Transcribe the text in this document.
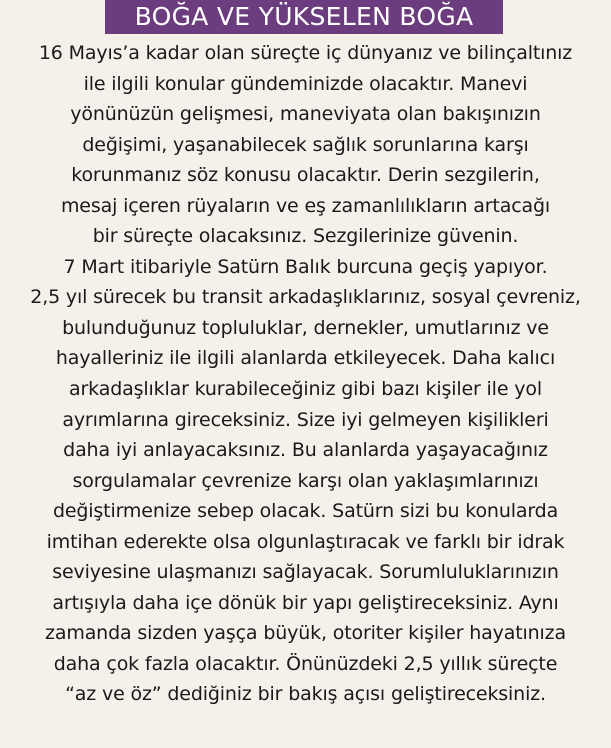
BOĞA VE YÜKSELEN BOĞA
16 Mayıs’a kadar olan süreçte iç dünyanız ve bilinçaltınız
ile ilgili konular gündeminizde olacaktır. Manevi
yönünüzün gelişmesi, maneviyata olan bakışınızın
değişimi, yaşanabilecek sağlık sorunlarına karşı
korunmanız söz konusu olacaktır. Derin sezgilerin,
mesaj içeren rüyaların ve eş zamanlılıkların artacağı
bir süreçte olacaksınız. Sezgilerinize güvenin.
7 Mart itibariyle Satürn Balık burcuna geçiş yapıyor.
2,5 yıl sürecek bu transit arkadaşlıklarınız, sosyal çevreniz,
bulunduğunuz topluluklar, dernekler, umutlarınız ve
hayalleriniz ile ilgili alanlarda etkileyecek. Daha kalıcı
arkadaşlıklar kurabileceğiniz gibi bazı kişiler ile yol
ayrımlarına gireceksiniz. Size iyi gelmeyen kişilikleri
daha iyi anlayacaksınız. Bu alanlarda yaşayacağınız
sorgulamalar çevrenize karşı olan yaklaşımlarınızı
değiştirmenize sebep olacak. Satürn sizi bu konularda
imtihan ederekte olsa olgunlaştıracak ve farklı bir idrak
seviyesine ulaşmanızı sağlayacak. Sorumluluklarınızın
artışıyla daha içe dönük bir yapı geliştireceksiniz. Aynı
zamanda sizden yaşça büyük, otoriter kişiler hayatınıza
daha çok fazla olacaktır. Önünüzdeki 2,5 yıllık süreçte
“az ve öz” dediğiniz bir bakış açısı geliştireceksiniz.
